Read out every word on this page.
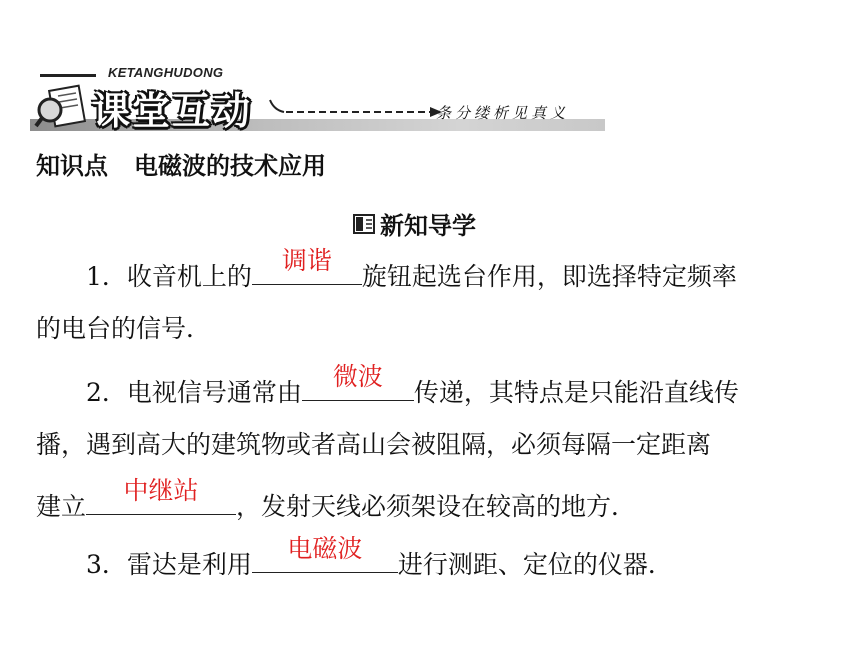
KETANGHUDONG
课堂互动	条分缕析见真义
知识点 电磁波的技术应用
新知导学
1．收音机上的
调谐
旋钮起选台作用，即选择特定频率
的电台的信号．
2．电视信号通常由
微波
传递，其特点是只能沿直线传
播，遇到高大的建筑物或者高山会被阻隔，必须每隔一定距离
建立
中继站
，发射天线必须架设在较高的地方．
3．雷达是利用
电磁波
进行测距、定位的仪器．
